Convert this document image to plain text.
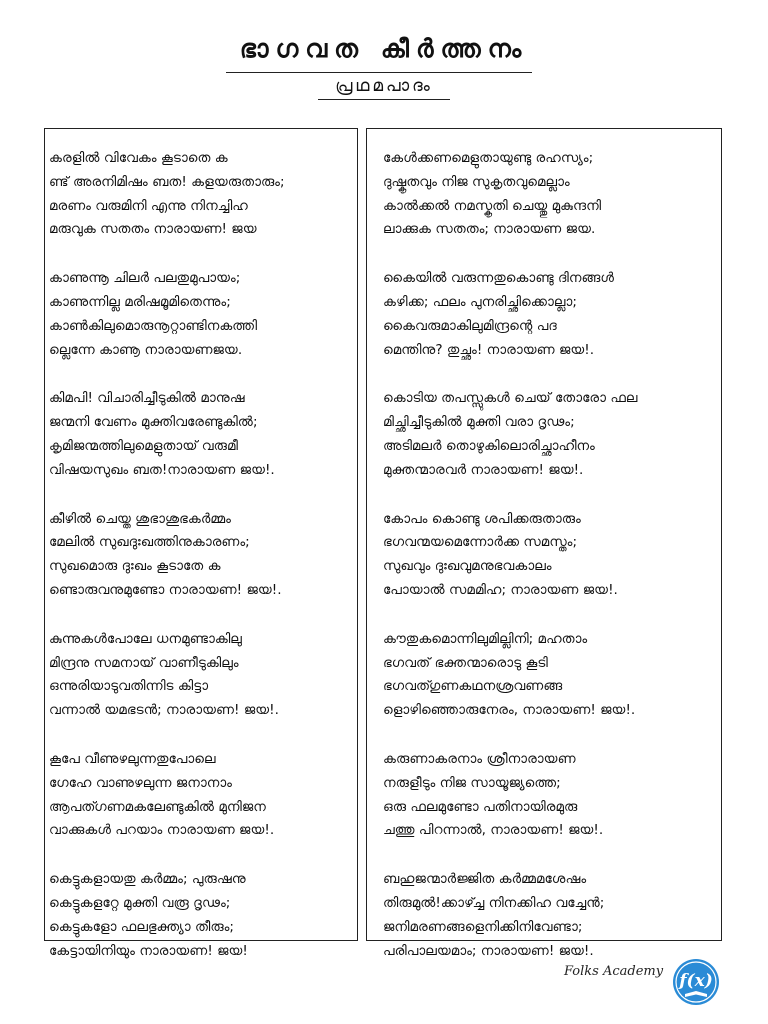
ഭാഗവത കീർത്തനം
പ്രഥമപാദം
കരളിൽ വിവേകം കൂടാതെ ക
ണ്ട് അരനിമിഷം ബത! കളയരുതാരും;
മരണം വരുമിനി എന്നു നിനച്ചിഹ
മരുവുക സതതം നാരായണ! ജയ
കാണുന്നൂ ചിലർ പലതുമുപായം;
കാണുന്നില്ല മരിഷമൂമിതെന്നും;
കാൺകിലുമൊരുനൂറ്റാണ്ടിനകത്തി
ല്ലെന്നേ കാണൂ നാരായണജയ.
കിമപി! വിചാരിച്ചീടുകിൽ മാനുഷ
ജന്മനി വേണം മുക്തിവരേണ്ടുകിൽ;
കൃമിജന്മത്തിലുമെളുതായ് വരുമീ
വിഷയസുഖം ബത!നാരായണ ജയ!.
കീഴിൽ ചെയ്ത ശുഭാശുഭകർമ്മം
മേലിൽ സുഖദുഃഖത്തിനുകാരണം;
സുഖമൊരു ദുഃഖം കൂടാതേ ക
ണ്ടൊരുവനുമുണ്ടോ നാരായണ! ജയ!.
കുന്നുകൾപോലേ ധനമുണ്ടാകിലു
മിന്ദ്രനു സമനായ് വാണീടുകിലും
ഒന്നുരിയാടുവതിന്നിട കിട്ടാ
വന്നാൽ യമഭടൻ; നാരായണ! ജയ!.
കൂപേ വീണുഴലുന്നതുപോലെ
ഗേഹേ വാണുഴലുന്ന ജനാനാം
ആപത്ഗണമകലേണ്ടുകിൽ മുനിജന
വാക്കുകൾ പറയാം നാരായണ ജയ!.
കെട്ടുകളായതു കർമ്മം; പുരുഷനു
കെട്ടുകളറ്റേ മുക്തി വരൂ ദൃഢം;
കെട്ടുകളോ ഫലഭുക്ത്യാ തീരും;
കേട്ടായിനിയും നാരായണ! ജയ!
കേൾക്കണമെളുതായുണ്ടു രഹസ്യം;
ദുഷ്കൃതവും നിജ സുകൃതവുമെല്ലാം
കാൽക്കൽ നമസ്കൃതി ചെയ്തു മുകുന്ദനി
ലാക്കുക സതതം; നാരായണ ജയ.
കൈയിൽ വരുന്നതുകൊണ്ടു ദിനങ്ങൾ
കഴിക്ക; ഫലം പുനരിച്ഛിക്കൊല്ലാ;
കൈവരുമാകിലുമിന്ദ്രന്റെ പദ
മെന്തിനു? തുച്ഛം! നാരായണ ജയ!.
കൊടിയ തപസ്സുകൾ ചെയ് തോരോ ഫല
മിച്ഛിച്ചീടുകിൽ മുക്തി വരാ ദൃഢം;
അടിമലർ തൊഴുകിലൊരിച്ഛാഹീനം
മുക്തന്മാരവർ നാരായണ! ജയ!.
കോപം കൊണ്ടു ശപിക്കരുതാരും
ഭഗവന്മയമെന്നോർക്ക സമസ്തം;
സുഖവും ദുഃഖവുമനുഭവകാലം
പോയാൽ സമമിഹ; നാരായണ ജയ!.
കൗതുകമൊന്നിലുമില്ലിനി; മഹതാം
ഭഗവത് ഭക്തന്മാരൊടു കൂടി
ഭഗവത്ഗുണകഥനശ്രവണങ്ങ
ളൊഴിഞ്ഞൊരുനേരം, നാരായണ! ജയ!.
കരുണാകരനാം ശ്രീനാരായണ
നരുളീടും നിജ സായൂജ്യത്തെ;
ഒരു ഫലമുണ്ടോ പതിനായിരമുരു
ചത്തു പിറന്നാൽ, നാരായണ! ജയ!.
ബഹുജന്മാർജ്ജിത കർമ്മമശേഷം
തിരുമുൽ!ക്കാഴ്ച്ച നിനക്കിഹ വച്ചേൻ;
ജനിമരണങ്ങളെനിക്കിനിവേണ്ടാ;
പരിപാലയമാം; നാരായണ! ജയ!.
Folks Academy f(x)
